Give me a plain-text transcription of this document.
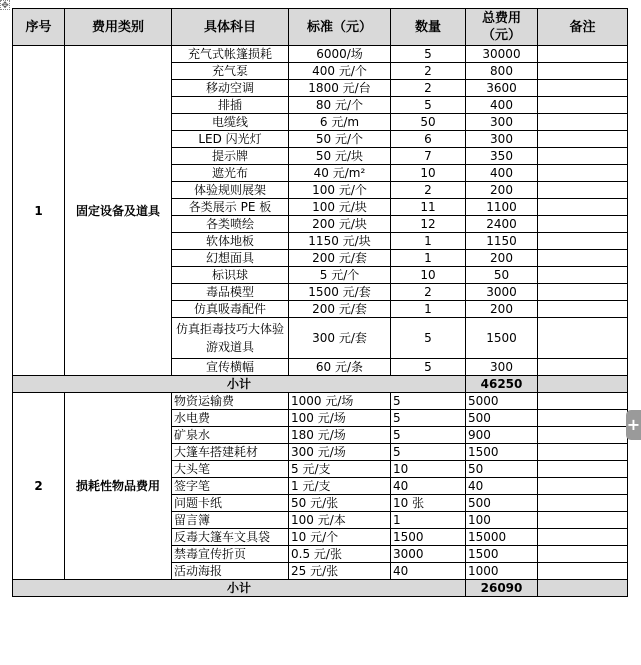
✥
序号	费用类别	具体科目	标准（元）	数量	总费用（元）	备注
1	固定设备及道具	充气式帐篷损耗	6000/场	5	30000	
		充气泵	400 元/个	2	800	
		移动空调	1800 元/台	2	3600	
		排插	80 元/个	5	400	
		电缆线	6 元/m	50	300	
		LED 闪光灯	50 元/个	6	300	
		提示牌	50 元/块	7	350	
		遮光布	40 元/m²	10	400	
		体验规则展架	100 元/个	2	200	
		各类展示 PE 板	100 元/块	11	1100	
		各类喷绘	200 元/块	12	2400	
		软体地板	1150 元/块	1	1150	
		幻想面具	200 元/套	1	200	
		标识球	5 元/个	10	50	
		毒品模型	1500 元/套	2	3000	
		仿真吸毒配件	200 元/套	1	200	
		仿真拒毒技巧大体验游戏道具	300 元/套	5	1500	
		宣传横幅	60 元/条	5	300	
小计					46250	
2	损耗性物品费用	物资运输费	1000 元/场	5	5000	
		水电费	100 元/场	5	500	
		矿泉水	180 元/场	5	900	
		大篷车搭建耗材	300 元/场	5	1500	
		大头笔	5 元/支	10	50	
		签字笔	1 元/支	40	40	
		问题卡纸	50 元/张	10 张	500	
		留言簿	100 元/本	1	100	
		反毒大篷车文具袋	10 元/个	1500	15000	
		禁毒宣传折页	0.5 元/张	3000	1500	
		活动海报	25 元/张	40	1000	
小计					26090	
+
